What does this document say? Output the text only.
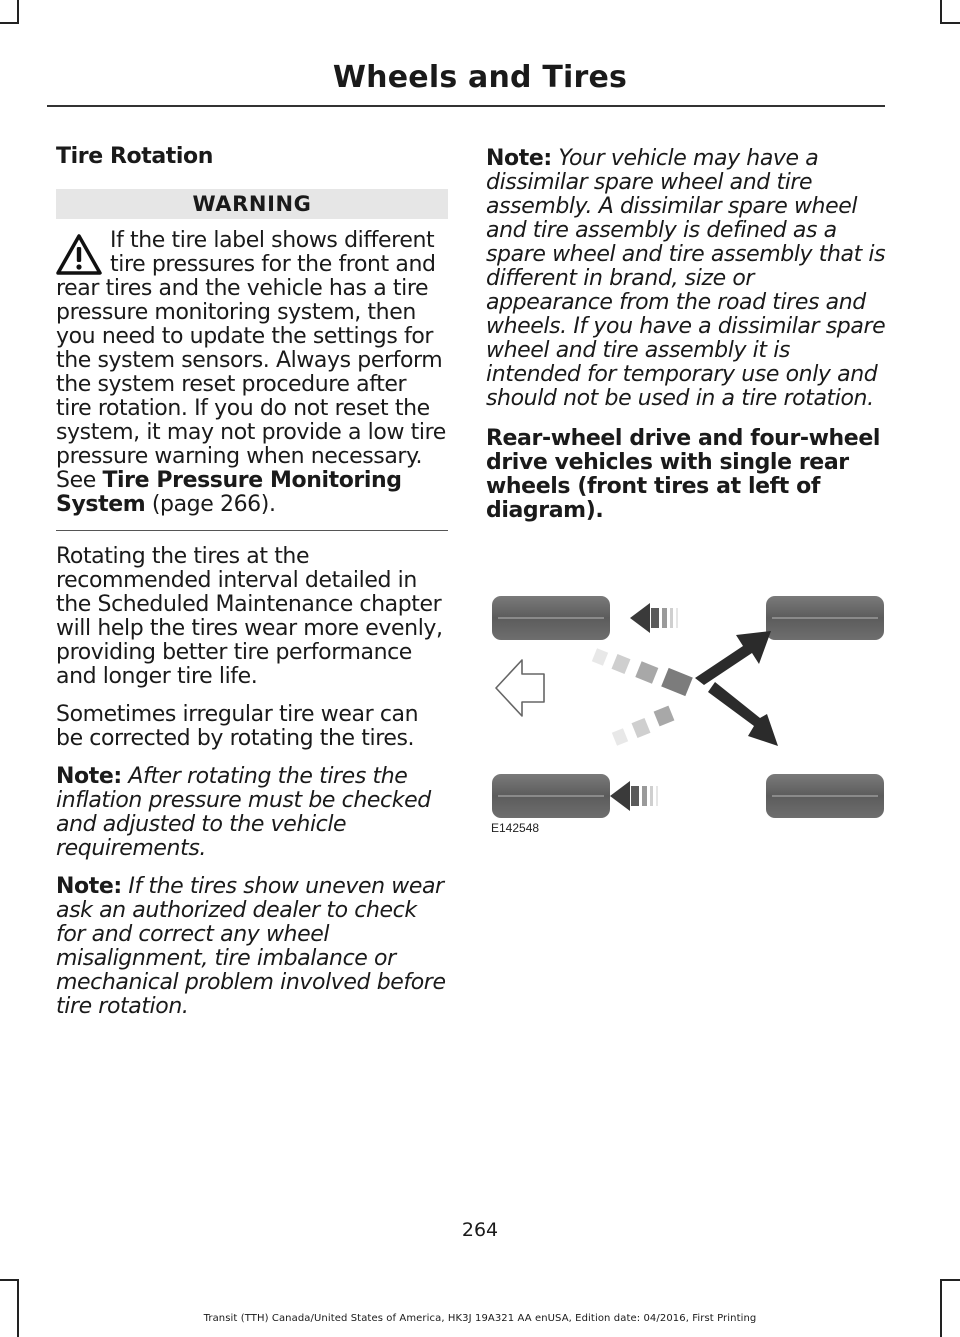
Wheels and Tires
Tire Rotation
WARNING
If the tire label shows different tire pressures for the front and rear tires and the vehicle has a tire pressure monitoring system, then you need to update the settings for the system sensors. Always perform the system reset procedure after tire rotation. If you do not reset the system, it may not provide a low tire pressure warning when necessary. See Tire Pressure Monitoring System (page 266).

Rotating the tires at the recommended interval detailed in the Scheduled Maintenance chapter will help the tires wear more evenly, providing better tire performance and longer tire life.

Sometimes irregular tire wear can be corrected by rotating the tires.

Note: After rotating the tires the inflation pressure must be checked and adjusted to the vehicle requirements.

Note: If the tires show uneven wear ask an authorized dealer to check for and correct any wheel misalignment, tire imbalance or mechanical problem involved before tire rotation.

Note: Your vehicle may have a dissimilar spare wheel and tire assembly. A dissimilar spare wheel and tire assembly is defined as a spare wheel and tire assembly that is different in brand, size or appearance from the road tires and wheels. If you have a dissimilar spare wheel and tire assembly it is intended for temporary use only and should not be used in a tire rotation.

Rear-wheel drive and four-wheel drive vehicles with single rear wheels (front tires at left of diagram).
E142548
264
Transit (TTH) Canada/United States of America, HK3J 19A321 AA enUSA, Edition date: 04/2016, First Printing
